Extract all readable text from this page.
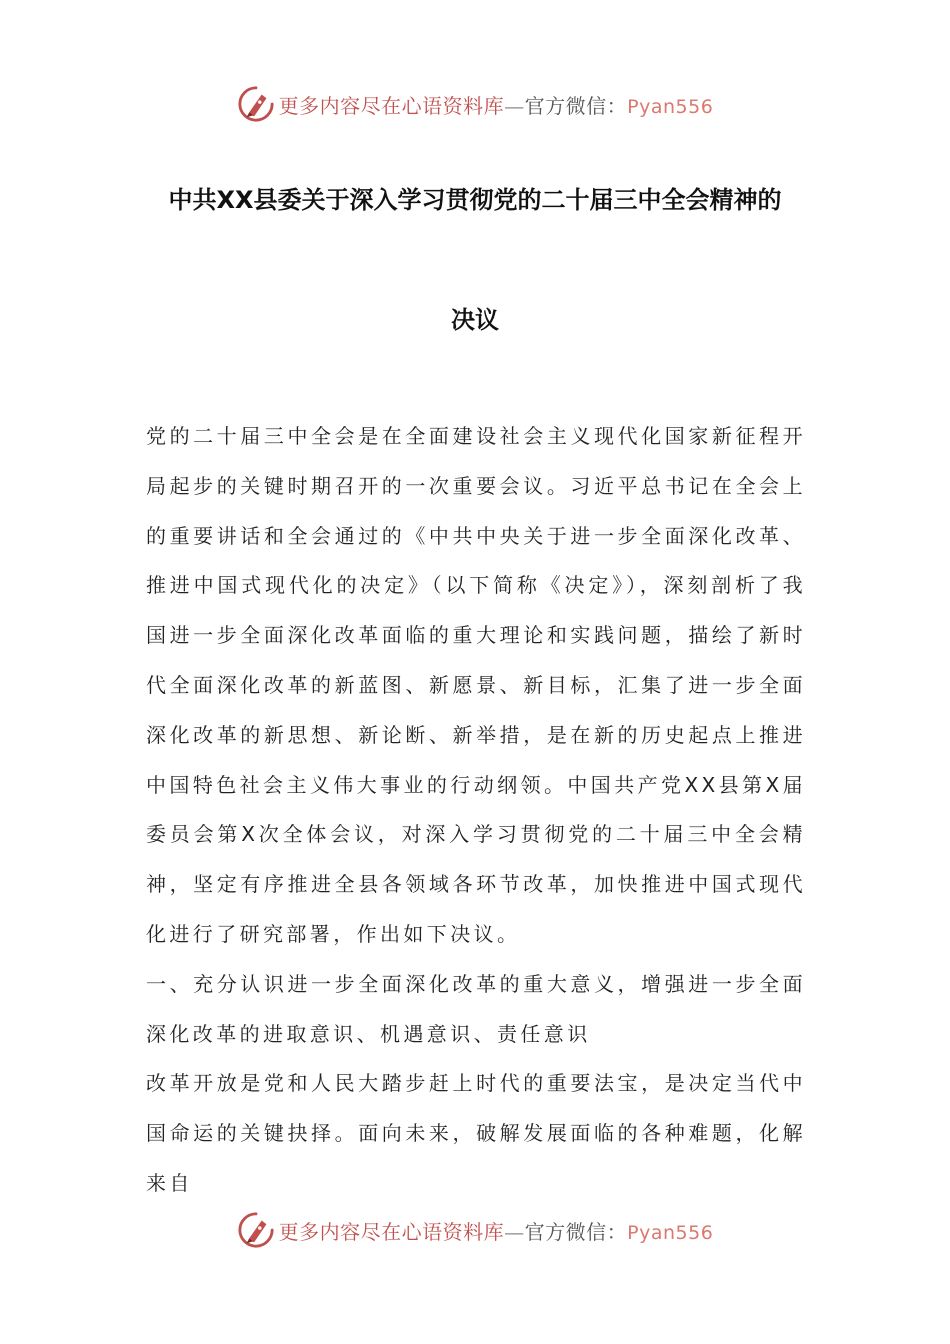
更多内容尽在心语资料库—官方微信：Pyan556
中共XX县委关于深入学习贯彻党的二十届三中全会精神的
决议

党的二十届三中全会是在全面建设社会主义现代化国家新征程开局起步的关键时期召开的一次重要会议。习近平总书记在全会上的重要讲话和全会通过的《中共中央关于进一步全面深化改革、推进中国式现代化的决定》（以下简称《决定》），深刻剖析了我国进一步全面深化改革面临的重大理论和实践问题，描绘了新时代全面深化改革的新蓝图、新愿景、新目标，汇集了进一步全面深化改革的新思想、新论断、新举措，是在新的历史起点上推进中国特色社会主义伟大事业的行动纲领。中国共产党XX县第X届委员会第X次全体会议，对深入学习贯彻党的二十届三中全会精神，坚定有序推进全县各领域各环节改革，加快推进中国式现代化进行了研究部署，作出如下决议。

一、充分认识进一步全面深化改革的重大意义，增强进一步全面深化改革的进取意识、机遇意识、责任意识

改革开放是党和人民大踏步赶上时代的重要法宝，是决定当代中国命运的关键抉择。面向未来，破解发展面临的各种难题，化解来自

更多内容尽在心语资料库—官方微信：Pyan556
